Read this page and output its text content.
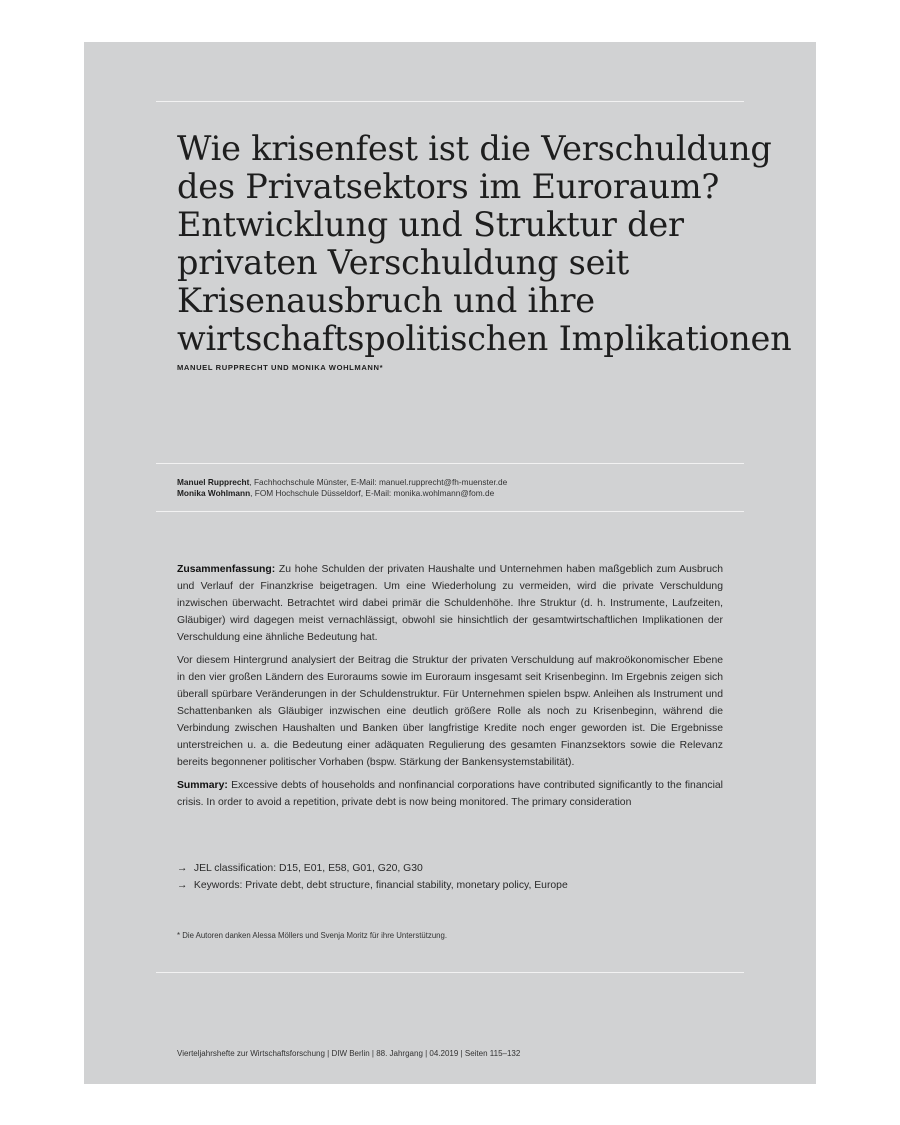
Wie krisenfest ist die Verschuldung
des Privatsektors im Euroraum?
Entwicklung und Struktur der
privaten Verschuldung seit
Krisenausbruch und ihre
wirtschaftspolitischen Implikationen
MANUEL RUPPRECHT UND MONIKA WOHLMANN*
Manuel Rupprecht, Fachhochschule Münster, E-Mail: manuel.rupprecht@fh-muenster.de
Monika Wohlmann, FOM Hochschule Düsseldorf, E-Mail: monika.wohlmann@fom.de

Zusammenfassung: Zu hohe Schulden der privaten Haushalte und Unternehmen haben maßgeblich zum Ausbruch und Verlauf der Finanzkrise beigetragen. Um eine Wiederholung zu vermeiden, wird die private Verschuldung inzwischen überwacht. Betrachtet wird dabei primär die Schuldenhöhe. Ihre Struktur (d. h. Instrumente, Laufzeiten, Gläubiger) wird dagegen meist vernachlässigt, obwohl sie hinsichtlich der gesamtwirtschaftlichen Implikationen der Verschuldung eine ähnliche Bedeutung hat.

Vor diesem Hintergrund analysiert der Beitrag die Struktur der privaten Verschuldung auf makroökonomischer Ebene in den vier großen Ländern des Euroraums sowie im Euroraum insgesamt seit Krisenbeginn. Im Ergebnis zeigen sich überall spürbare Veränderungen in der Schuldenstruktur. Für Unternehmen spielen bspw. Anleihen als Instrument und Schattenbanken als Gläubiger inzwischen eine deutlich größere Rolle als noch zu Krisenbeginn, während die Verbindung zwischen Haushalten und Banken über langfristige Kredite noch enger geworden ist. Die Ergebnisse unterstreichen u. a. die Bedeutung einer adäquaten Regulierung des gesamten Finanzsektors sowie die Relevanz bereits begonnener politischer Vorhaben (bspw. Stärkung der Bankensystemstabilität).

Summary: Excessive debts of households and nonfinancial corporations have contributed significantly to the financial crisis. In order to avoid a repetition, private debt is now being monitored. The primary consideration

→ JEL classification: D15, E01, E58, G01, G20, G30
→ Keywords: Private debt, debt structure, financial stability, monetary policy, Europe
* Die Autoren danken Alessa Möllers und Svenja Moritz für ihre Unterstützung.
Vierteljahrshefte zur Wirtschaftsforschung | DIW Berlin | 88. Jahrgang | 04.2019 | Seiten 115–132
